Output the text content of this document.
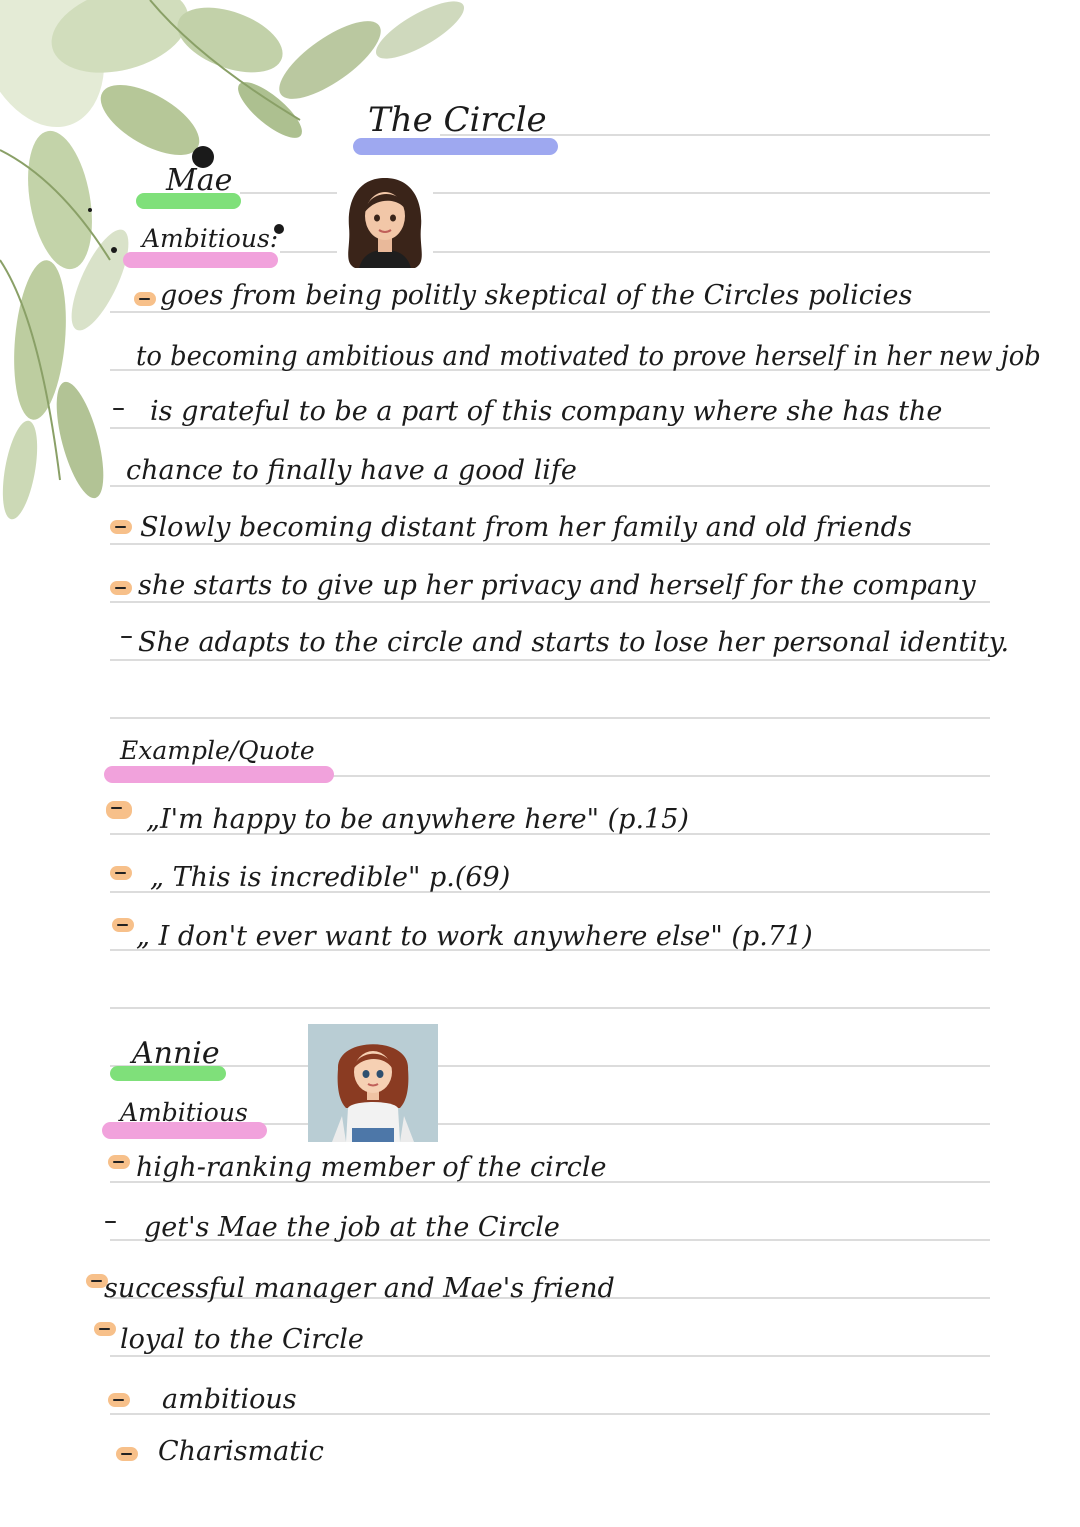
The Circle
Mae
Ambitious:
goes from being politly skeptical of the Circles policies
to becoming ambitious and motivated to prove herself in her new job
is grateful to be a part of this company where she has the
chance to finally have a good life
Slowly becoming distant from her family and old friends
she starts to give up her privacy and herself for the company
She adapts to the circle and starts to lose her personal identity.
Example/Quote
„I'm happy to be anywhere here" (p.15)
„ This is incredible" p.(69)
„ I don't ever want to work anywhere else" (p.71)
Annie
Ambitious
high-ranking member of the circle
get's Mae the job at the Circle
successful manager and Mae's friend
loyal to the Circle
ambitious
Charismatic
